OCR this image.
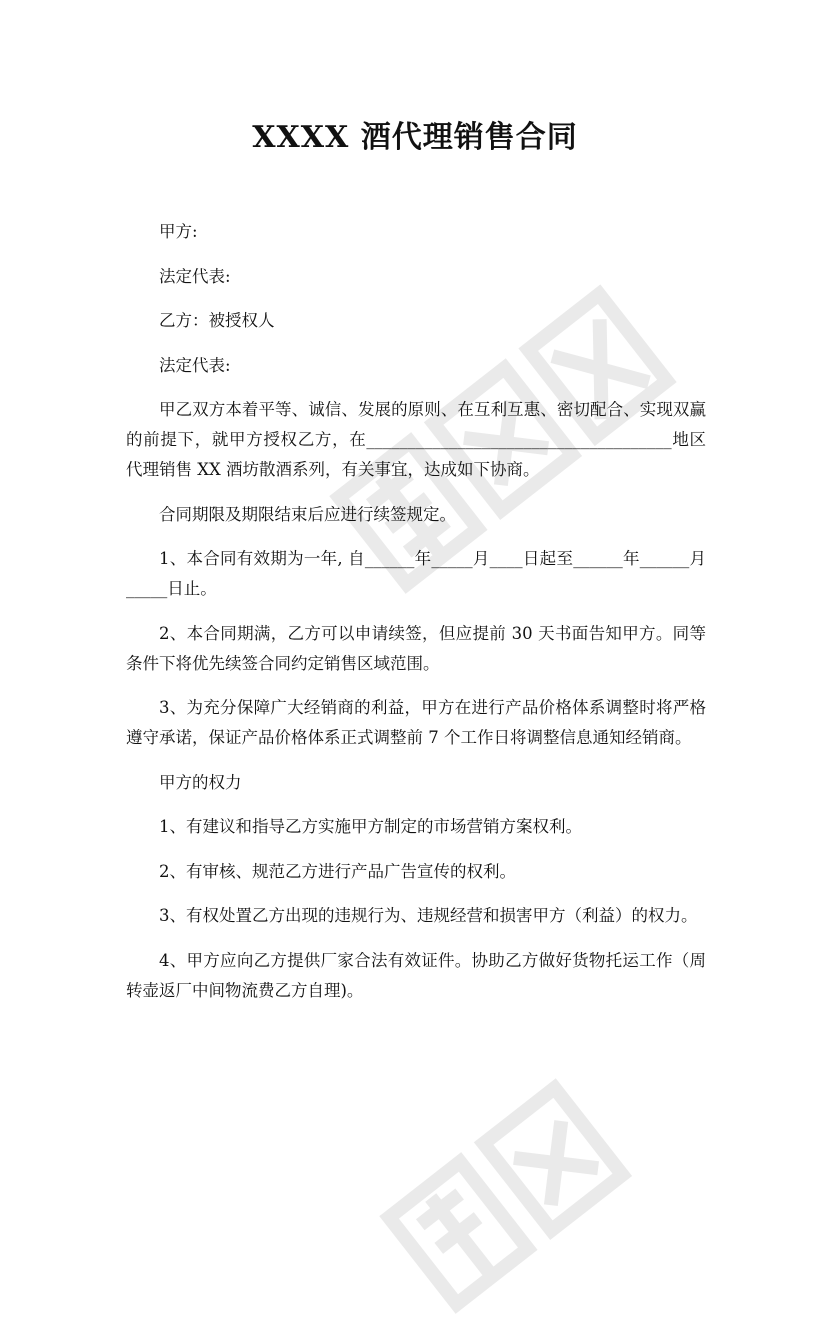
XXXX 酒代理销售合同

甲方:

法定代表:

乙方：被授权人

法定代表:

甲乙双方本着平等、诚信、发展的原则、在互利互惠、密切配合、实现双赢的前提下，就甲方授权乙方，在_____________________________________地区代理销售 XX 酒坊散酒系列，有关事宜，达成如下协商。

合同期限及期限结束后应进行续签规定。

1、本合同有效期为一年, 自______年_____月____日起至______年______月_____日止。

2、本合同期满，乙方可以申请续签，但应提前 30 天书面告知甲方。同等条件下将优先续签合同约定销售区域范围。

3、为充分保障广大经销商的利益，甲方在进行产品价格体系调整时将严格遵守承诺，保证产品价格体系正式调整前 7 个工作日将调整信息通知经销商。

甲方的权力

1、有建议和指导乙方实施甲方制定的市场营销方案权利。

2、有审核、规范乙方进行产品广告宣传的权利。

3、有权处置乙方出现的违规行为、违规经营和损害甲方（利益）的权力。

4、甲方应向乙方提供厂家合法有效证件。协助乙方做好货物托运工作（周转壶返厂中间物流费乙方自理)。
